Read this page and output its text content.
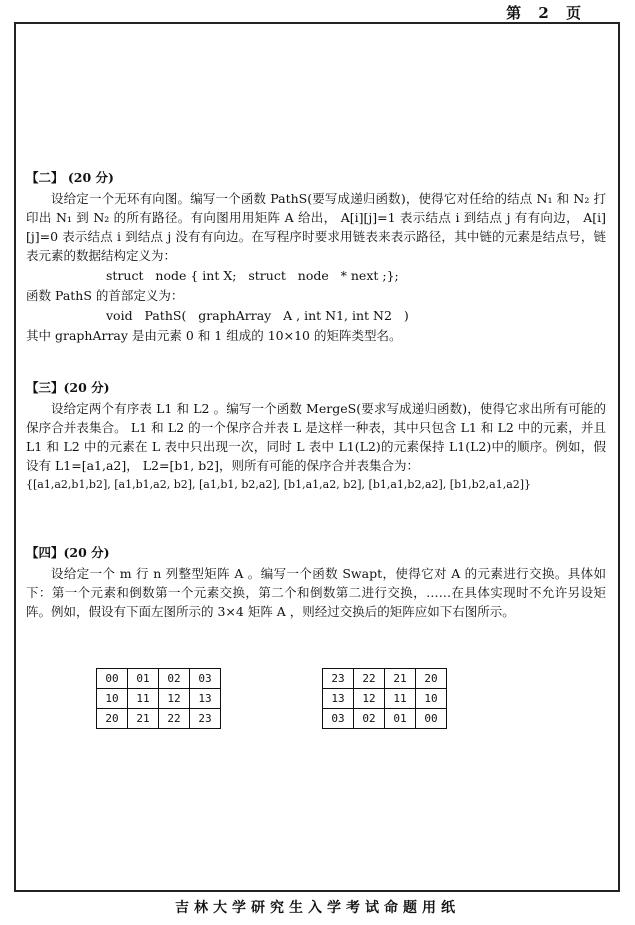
第 2 页
【二】 (20 分)

设给定一个无环有向图。编写一个函数 PathS(要写成递归函数)，使得它对任给的结点 N₁ 和 N₂ 打印出 N₁ 到 N₂ 的所有路径。有向图用用矩阵 A 给出， A[i][j]=1 表示结点 i 到结点 j 有有向边， A[i][j]=0 表示结点 i 到结点 j 没有有向边。在写程序时要求用链表来表示路径，其中链的元素是结点号，链表元素的数据结构定义为：

struct   node { int X;   struct   node   * next ;};

函数 PathS 的首部定义为：

void   PathS(   graphArray   A , int N1, int N2   )

其中 graphArray 是由元素 0 和 1 组成的 10×10 的矩阵类型名。

【三】(20 分)

设给定两个有序表 L1 和 L2 。编写一个函数 MergeS(要求写成递归函数)，使得它求出所有可能的保序合并表集合。 L1 和 L2 的一个保序合并表 L 是这样一种表，其中只包含 L1 和 L2 中的元素，并且 L1 和 L2 中的元素在 L 表中只出现一次，同时 L 表中 L1(L2)的元素保持 L1(L2)中的顺序。例如，假设有 L1=[a1,a2]， L2=[b1, b2]，则所有可能的保序合并表集合为：

{[a1,a2,b1,b2], [a1,b1,a2, b2], [a1,b1, b2,a2], [b1,a1,a2, b2], [b1,a1,b2,a2], [b1,b2,a1,a2]}

【四】(20 分)

设给定一个 m 行 n 列整型矩阵 A 。编写一个函数 Swapt，使得它对 A 的元素进行交换。具体如下：第一个元素和倒数第一个元素交换，第二个和倒数第二进行交换，……在具体实现时不允许另设矩阵。例如，假设有下面左图所示的 3×4 矩阵 A ，则经过交换后的矩阵应如下右图所示。

00	01	02	03
10	11	12	13
20	21	22	23
23	22	21	20
13	12	11	10
03	02	01	00
吉林大学研究生入学考试命题用纸
